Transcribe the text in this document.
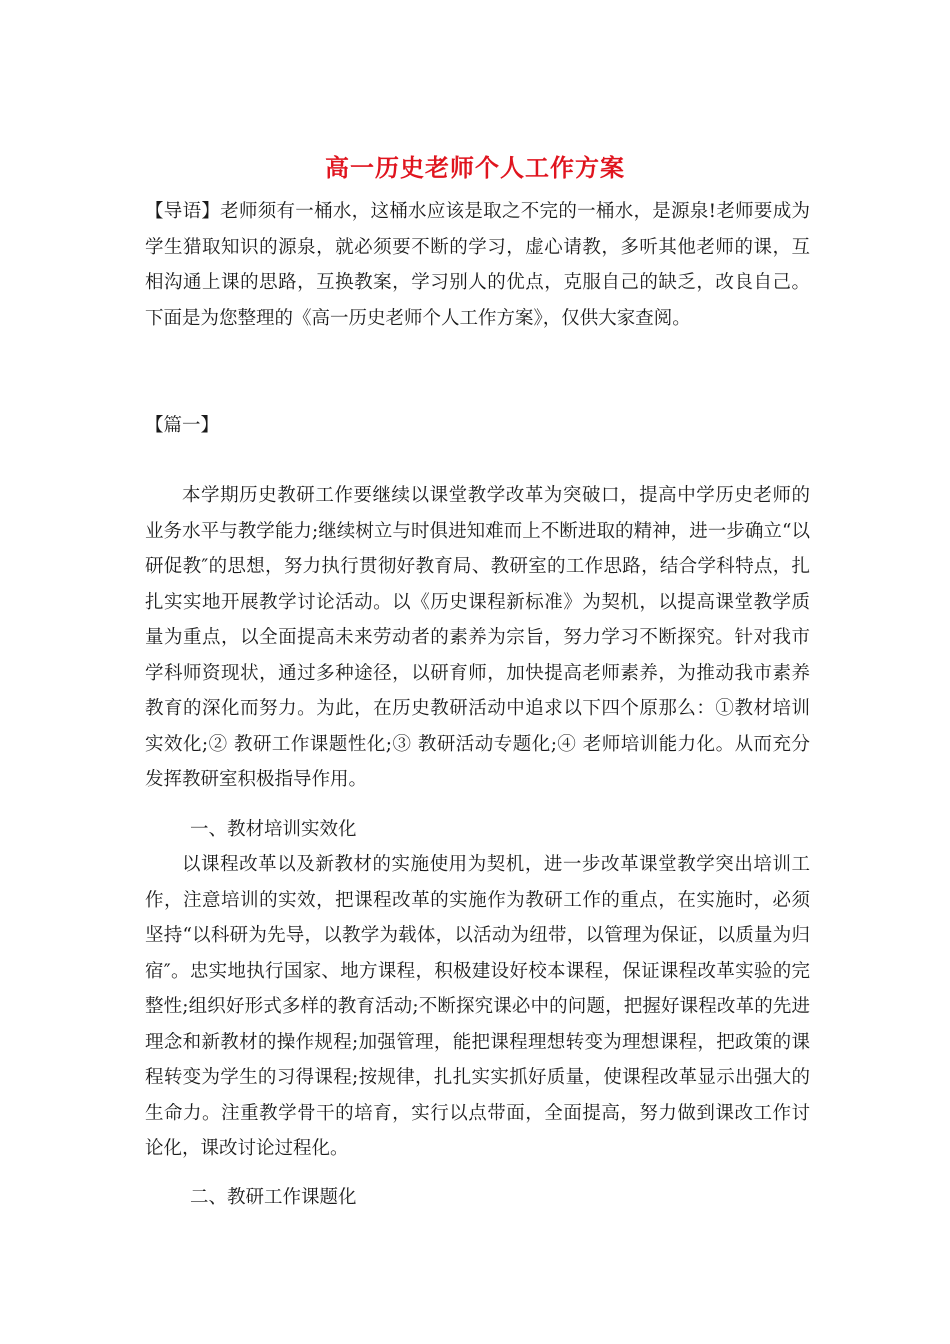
高一历史老师个人工作方案
【导语】老师须有一桶水，这桶水应该是取之不完的一桶水，是源泉!老师要成为学生猎取知识的源泉，就必须要不断的学习，虚心请教，多听其他老师的课，互相沟通上课的思路，互换教案，学习别人的优点，克服自己的缺乏，改良自己。下面是为您整理的《高一历史老师个人工作方案》，仅供大家查阅。
【篇一】
本学期历史教研工作要继续以课堂教学改革为突破口，提高中学历史老师的业务水平与教学能力;继续树立与时俱进知难而上不断进取的精神，进一步确立“以研促教″的思想，努力执行贯彻好教育局、教研室的工作思路，结合学科特点，扎扎实实地开展教学讨论活动。以《历史课程新标准》为契机，以提高课堂教学质量为重点，以全面提高未来劳动者的素养为宗旨，努力学习不断探究。针对我市学科师资现状，通过多种途径，以研育师，加快提高老师素养，为推动我市素养教育的深化而努力。为此，在历史教研活动中追求以下四个原那么：①教材培训实效化;② 教研工作课题性化;③ 教研活动专题化;④ 老师培训能力化。从而充分发挥教研室积极指导作用。
一、教材培训实效化
以课程改革以及新教材的实施使用为契机，进一步改革课堂教学突出培训工作，注意培训的实效，把课程改革的实施作为教研工作的重点，在实施时，必须坚持“以科研为先导，以教学为载体，以活动为纽带，以管理为保证，以质量为归宿″。忠实地执行国家、地方课程，积极建设好校本课程，保证课程改革实验的完整性;组织好形式多样的教育活动;不断探究课必中的问题，把握好课程改革的先进理念和新教材的操作规程;加强管理，能把课程理想转变为理想课程，把政策的课程转变为学生的习得课程;按规律，扎扎实实抓好质量，使课程改革显示出强大的生命力。注重教学骨干的培育，实行以点带面，全面提高，努力做到课改工作讨论化，课改讨论过程化。
二、教研工作课题化
